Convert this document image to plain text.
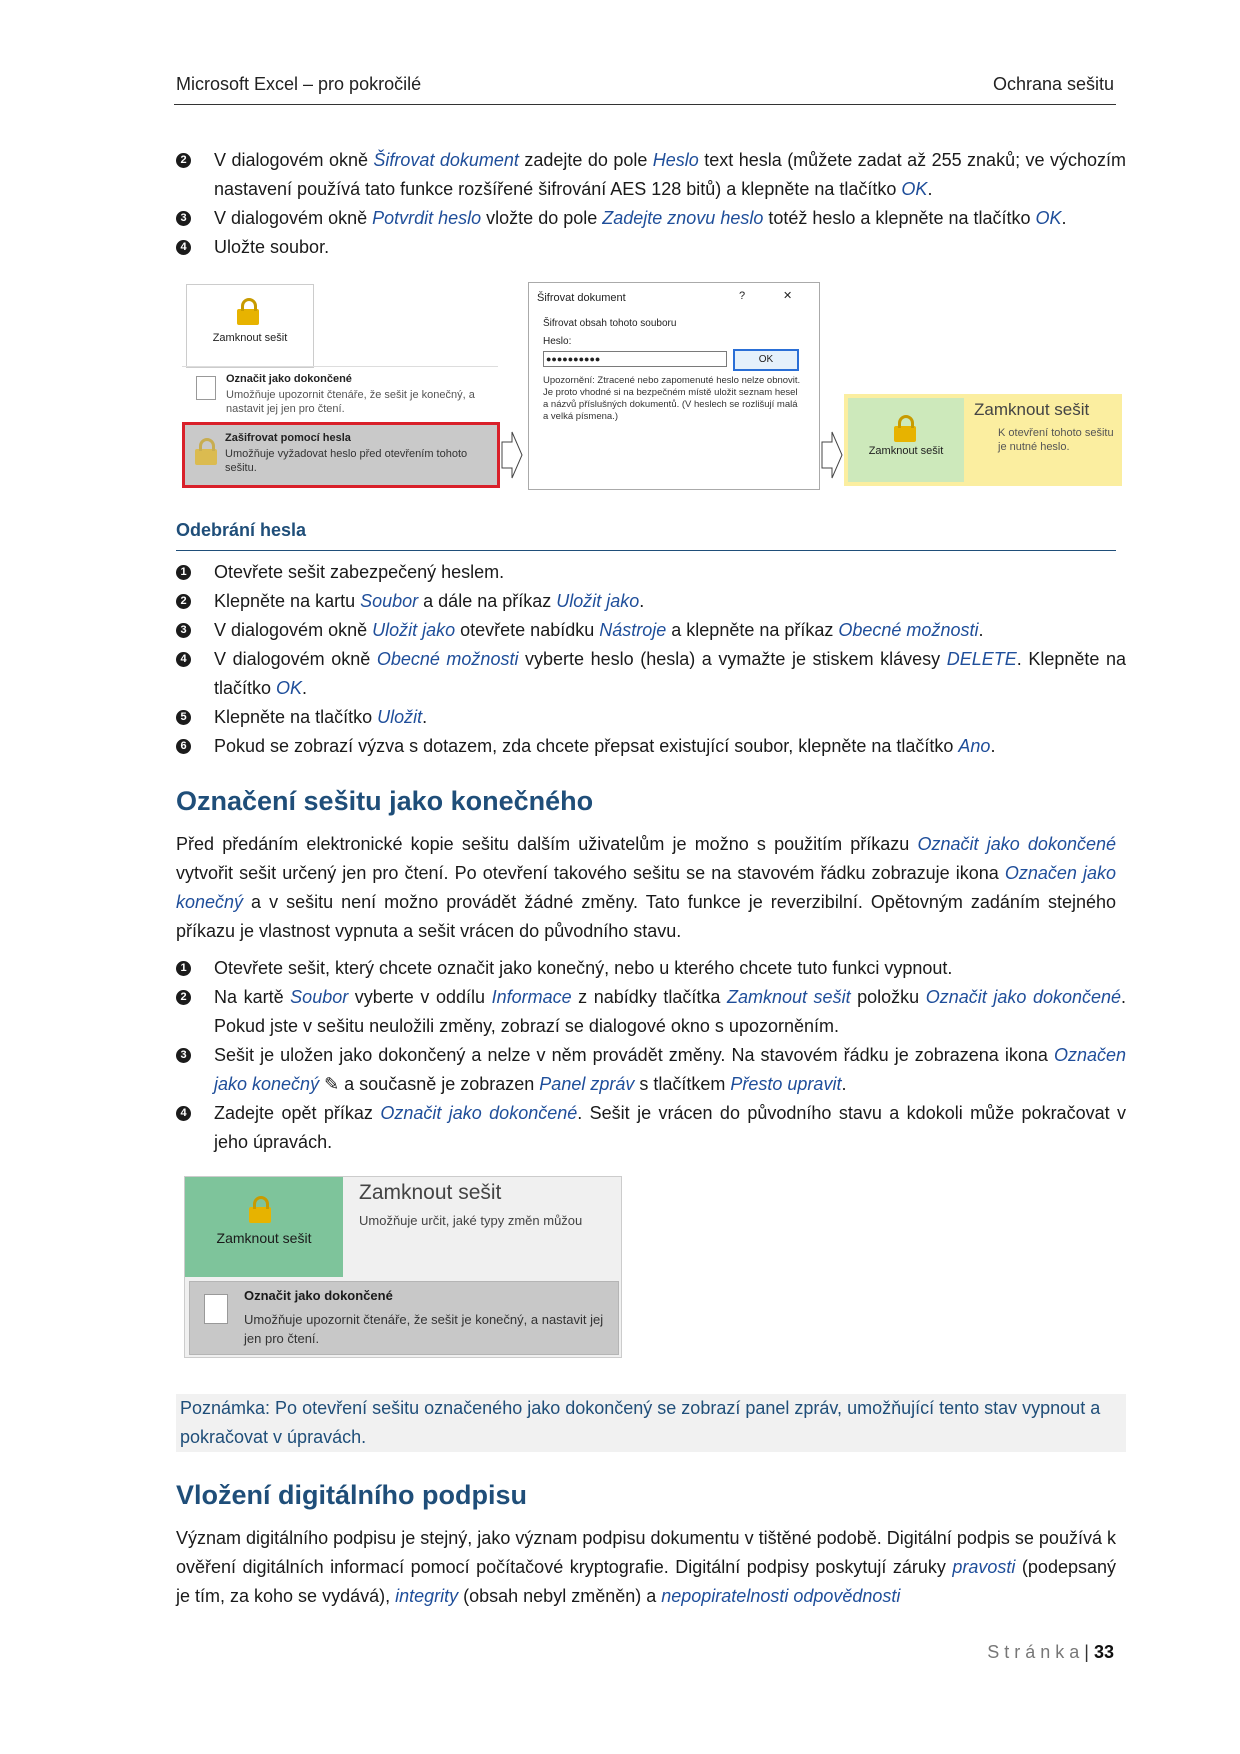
Microsoft Excel – pro pokročilé	Ochrana sešitu
2 V dialogovém okně Šifrovat dokument zadejte do pole Heslo text hesla (můžete zadat až 255 znaků; ve výchozím nastavení používá tato funkce rozšířené šifrování AES 128 bitů) a klepněte na tlačítko OK.
3 V dialogovém okně Potvrdit heslo vložte do pole Zadejte znovu heslo totéž heslo a klepněte na tlačítko OK.
4 Uložte soubor.
Zamknout sešit
Označit jako dokončené
Umožňuje upozornit čtenáře, že sešit je konečný, a nastavit jej jen pro čtení.
Zašifrovat pomocí hesla
Umožňuje vyžadovat heslo před otevřením tohoto sešitu.
Šifrovat dokument	?	✕
Šifrovat obsah tohoto souboru
Heslo:
●●●●●●●●●●	OK
Upozornění: Ztracené nebo zapomenuté heslo nelze obnovit. Je proto vhodné si na bezpečném místě uložit seznam hesel a názvů příslušných dokumentů. (V heslech se rozlišují malá a velká písmena.)
Zamknout sešit
Zamknout sešit
K otevření tohoto sešitu je nutné heslo.
Odebrání hesla
1 Otevřete sešit zabezpečený heslem.
2 Klepněte na kartu Soubor a dále na příkaz Uložit jako.
3 V dialogovém okně Uložit jako otevřete nabídku Nástroje a klepněte na příkaz Obecné možnosti.
4 V dialogovém okně Obecné možnosti vyberte heslo (hesla) a vymažte je stiskem klávesy DELETE. Klepněte na tlačítko OK.
5 Klepněte na tlačítko Uložit.
6 Pokud se zobrazí výzva s dotazem, zda chcete přepsat existující soubor, klepněte na tlačítko Ano.
Označení sešitu jako konečného
Před předáním elektronické kopie sešitu dalším uživatelům je možno s použitím příkazu Označit jako dokončené vytvořit sešit určený jen pro čtení. Po otevření takového sešitu se na stavovém řádku zobrazuje ikona Označen jako konečný a v sešitu není možno provádět žádné změny. Tato funkce je reverzibilní. Opětovným zadáním stejného příkazu je vlastnost vypnuta a sešit vrácen do původního stavu.
1 Otevřete sešit, který chcete označit jako konečný, nebo u kterého chcete tuto funkci vypnout.
2 Na kartě Soubor vyberte v oddílu Informace z nabídky tlačítka Zamknout sešit položku Označit jako dokončené. Pokud jste v sešitu neuložili změny, zobrazí se dialogové okno s upozorněním.
3 Sešit je uložen jako dokončený a nelze v něm provádět změny. Na stavovém řádku je zobrazena ikona Označen jako konečný ✎ a současně je zobrazen Panel zpráv s tlačítkem Přesto upravit.
4 Zadejte opět příkaz Označit jako dokončené. Sešit je vrácen do původního stavu a kdokoli může pokračovat v jeho úpravách.
Zamknout sešit
Zamknout sešit
Umožňuje určit, jaké typy změn můžou
Označit jako dokončené
Umožňuje upozornit čtenáře, že sešit je konečný, a nastavit jej jen pro čtení.
Poznámka: Po otevření sešitu označeného jako dokončený se zobrazí panel zpráv, umožňující tento stav vypnout a pokračovat v úpravách.
Vložení digitálního podpisu
Význam digitálního podpisu je stejný, jako význam podpisu dokumentu v tištěné podobě. Digitální podpis se používá k ověření digitálních informací pomocí počítačové kryptografie. Digitální podpisy poskytují záruky pravosti (podepsaný je tím, za koho se vydává), integrity (obsah nebyl změněn) a nepopiratelnosti odpovědnosti
S t r á n k a | 33
